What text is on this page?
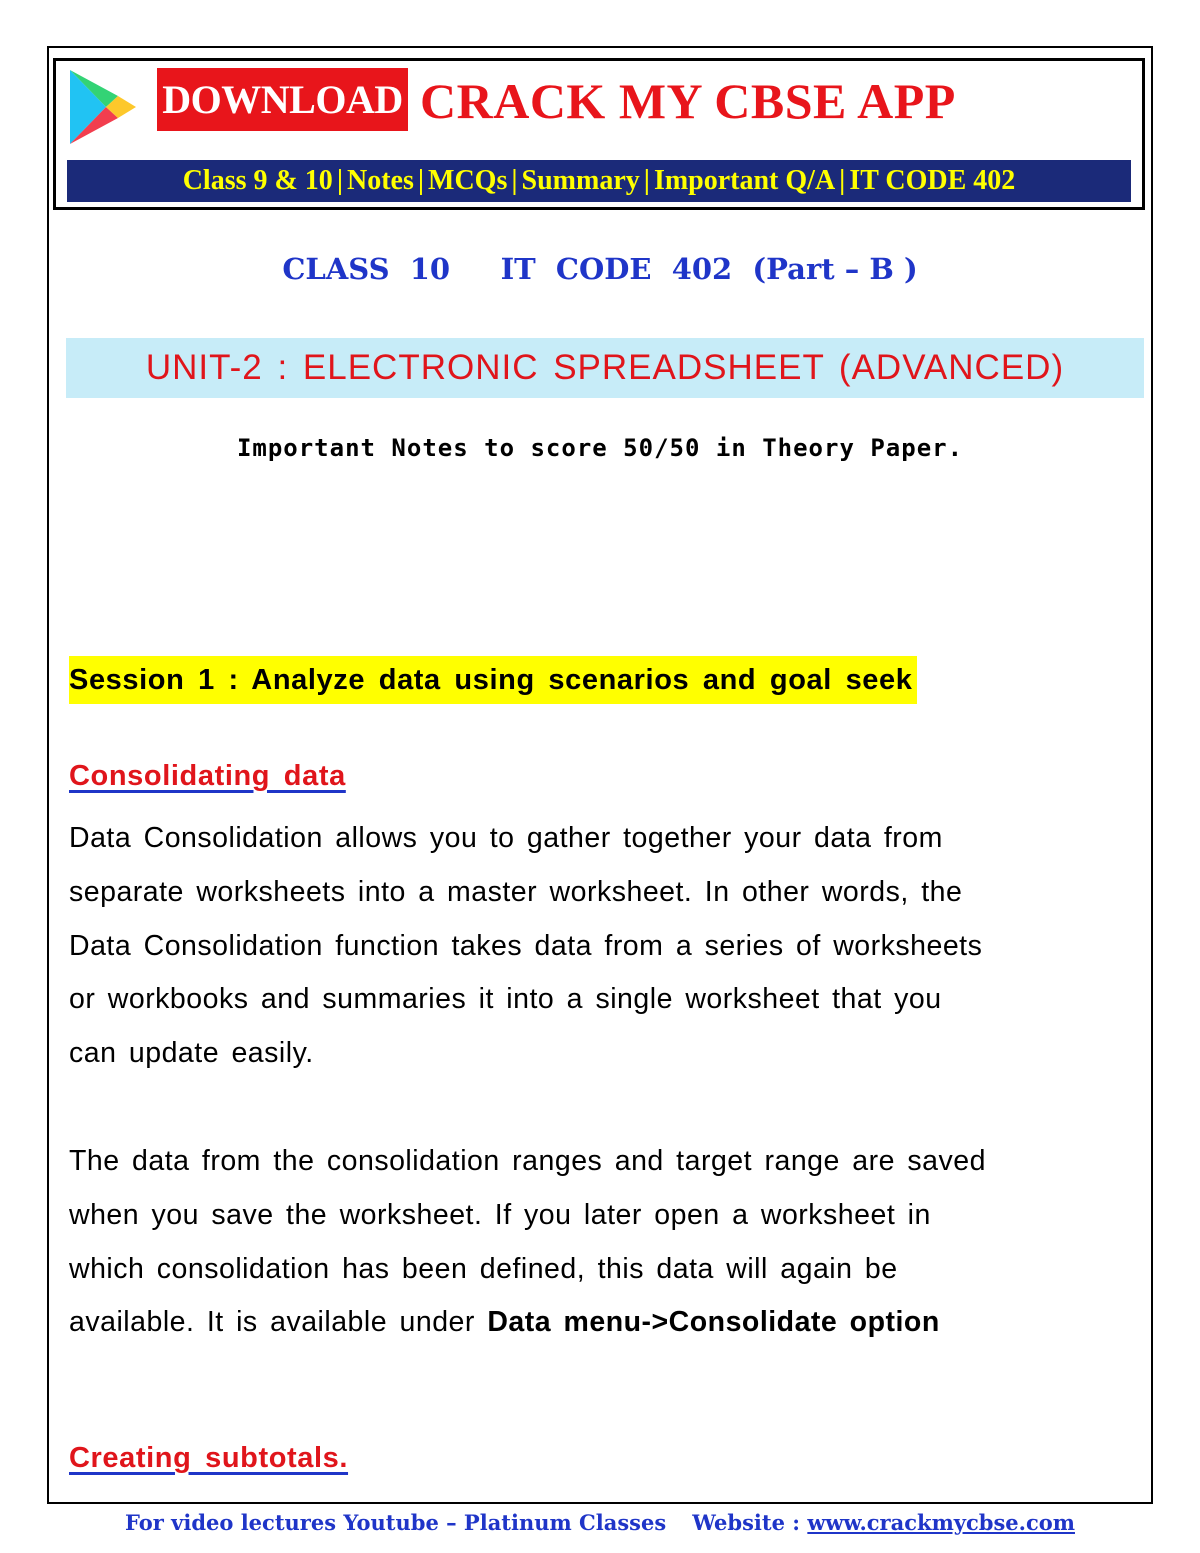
DOWNLOAD CRACK MY CBSE APP
Class 9 & 10 | Notes | MCQs | Summary | Important Q/A | IT CODE 402
CLASS  10 IT  CODE  402  (Part – B )
UNIT-2 : ELECTRONIC SPREADSHEET (ADVANCED)
Important Notes to score 50/50 in Theory Paper.
Session 1 : Analyze data using scenarios and goal seek
Consolidating data
Data Consolidation allows you to gather together your data from
separate worksheets into a master worksheet. In other words, the
Data Consolidation function takes data from a series of worksheets
or workbooks and summaries it into a single worksheet that you
can update easily.
The data from the consolidation ranges and target range are saved
when you save the worksheet. If you later open a worksheet in
which consolidation has been defined, this data will again be
available. It is available under Data menu->Consolidate option
Creating subtotals.
For video lectures Youtube – Platinum Classes Website : www.crackmycbse.com
